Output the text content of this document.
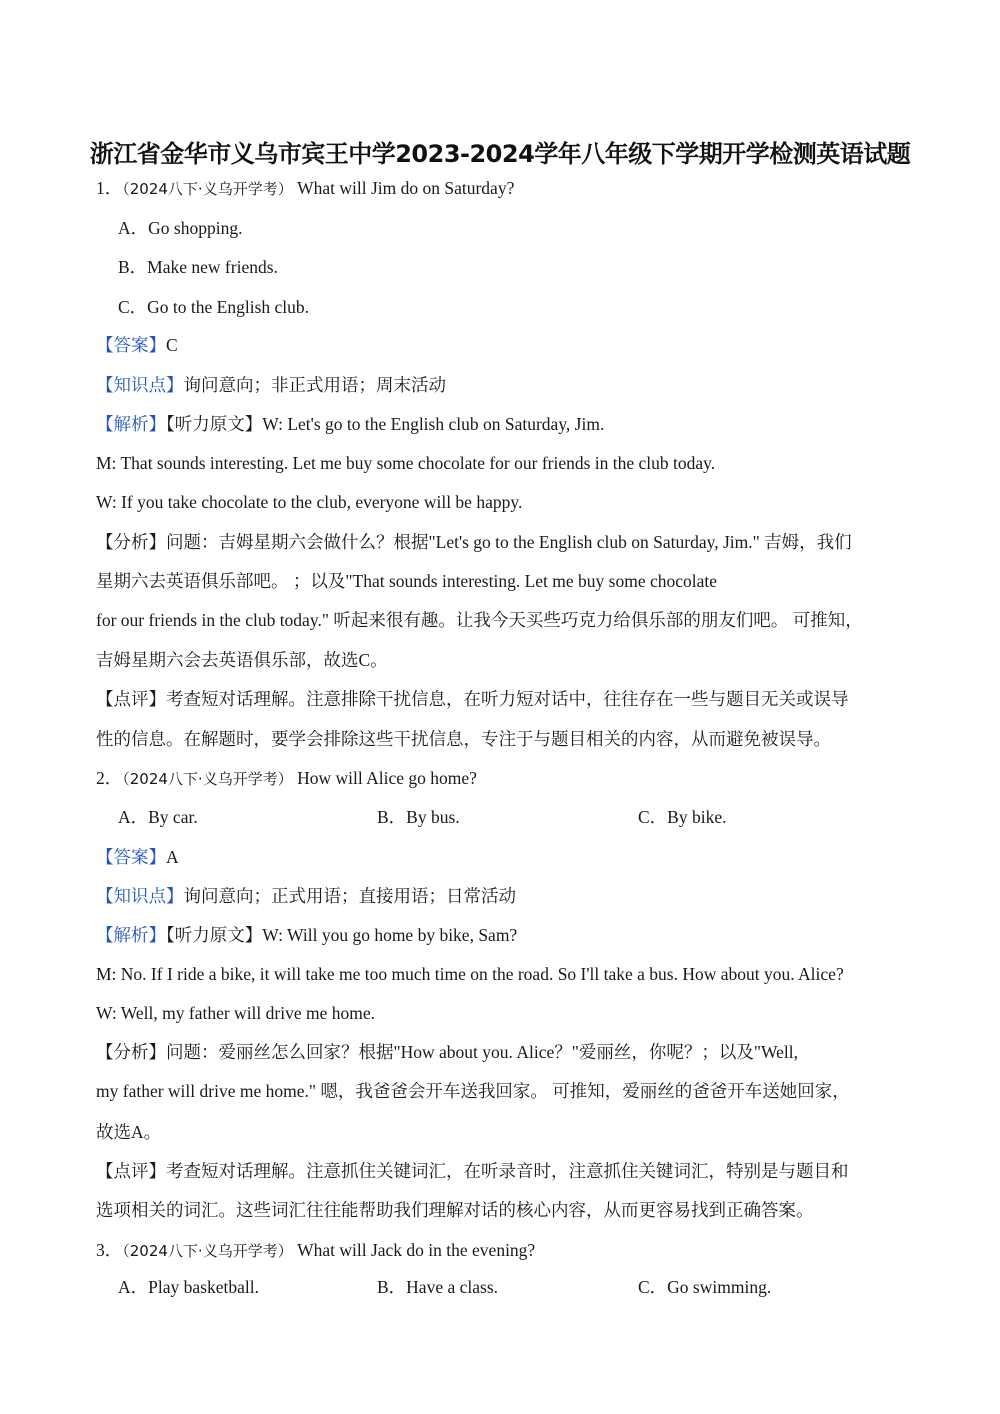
浙江省金华市义乌市宾王中学2023-2024学年八年级下学期开学检测英语试题
1．（2024八下·义乌开学考） What will Jim do on Saturday?
A．Go shopping.
B．Make new friends.
C．Go to the English club.
【答案】C
【知识点】询问意向；非正式用语；周末活动
【解析】【听力原文】W: Let's go to the English club on Saturday, Jim.
M: That sounds interesting. Let me buy some chocolate for our friends in the club today.
W: If you take chocolate to the club, everyone will be happy.
【分析】问题：吉姆星期六会做什么？根据"Let's go to the English club on Saturday, Jim." 吉姆，我们
星期六去英语俱乐部吧。 ；以及"That sounds interesting. Let me buy some chocolate
for our friends in the club today." 听起来很有趣。让我今天买些巧克力给俱乐部的朋友们吧。 可推知，
吉姆星期六会去英语俱乐部，故选C。
【点评】考查短对话理解。注意排除干扰信息，在听力短对话中，往往存在一些与题目无关或误导
性的信息。在解题时，要学会排除这些干扰信息，专注于与题目相关的内容，从而避免被误导。
2．（2024八下·义乌开学考） How will Alice go home?
A．By car.	B．By bus.	C．By bike.
【答案】A
【知识点】询问意向；正式用语；直接用语；日常活动
【解析】【听力原文】W: Will you go home by bike, Sam?
M: No. If I ride a bike, it will take me too much time on the road. So I'll take a bus. How about you. Alice?
W: Well, my father will drive me home.
【分析】问题：爱丽丝怎么回家？根据"How about you. Alice？"爱丽丝，你呢？；以及"Well,
my father will drive me home." 嗯，我爸爸会开车送我回家。 可推知，爱丽丝的爸爸开车送她回家，
故选A。
【点评】考查短对话理解。注意抓住关键词汇，在听录音时，注意抓住关键词汇，特别是与题目和
选项相关的词汇。这些词汇往往能帮助我们理解对话的核心内容，从而更容易找到正确答案。
3．（2024八下·义乌开学考） What will Jack do in the evening?
A．Play basketball.	B．Have a class.	C．Go swimming.
